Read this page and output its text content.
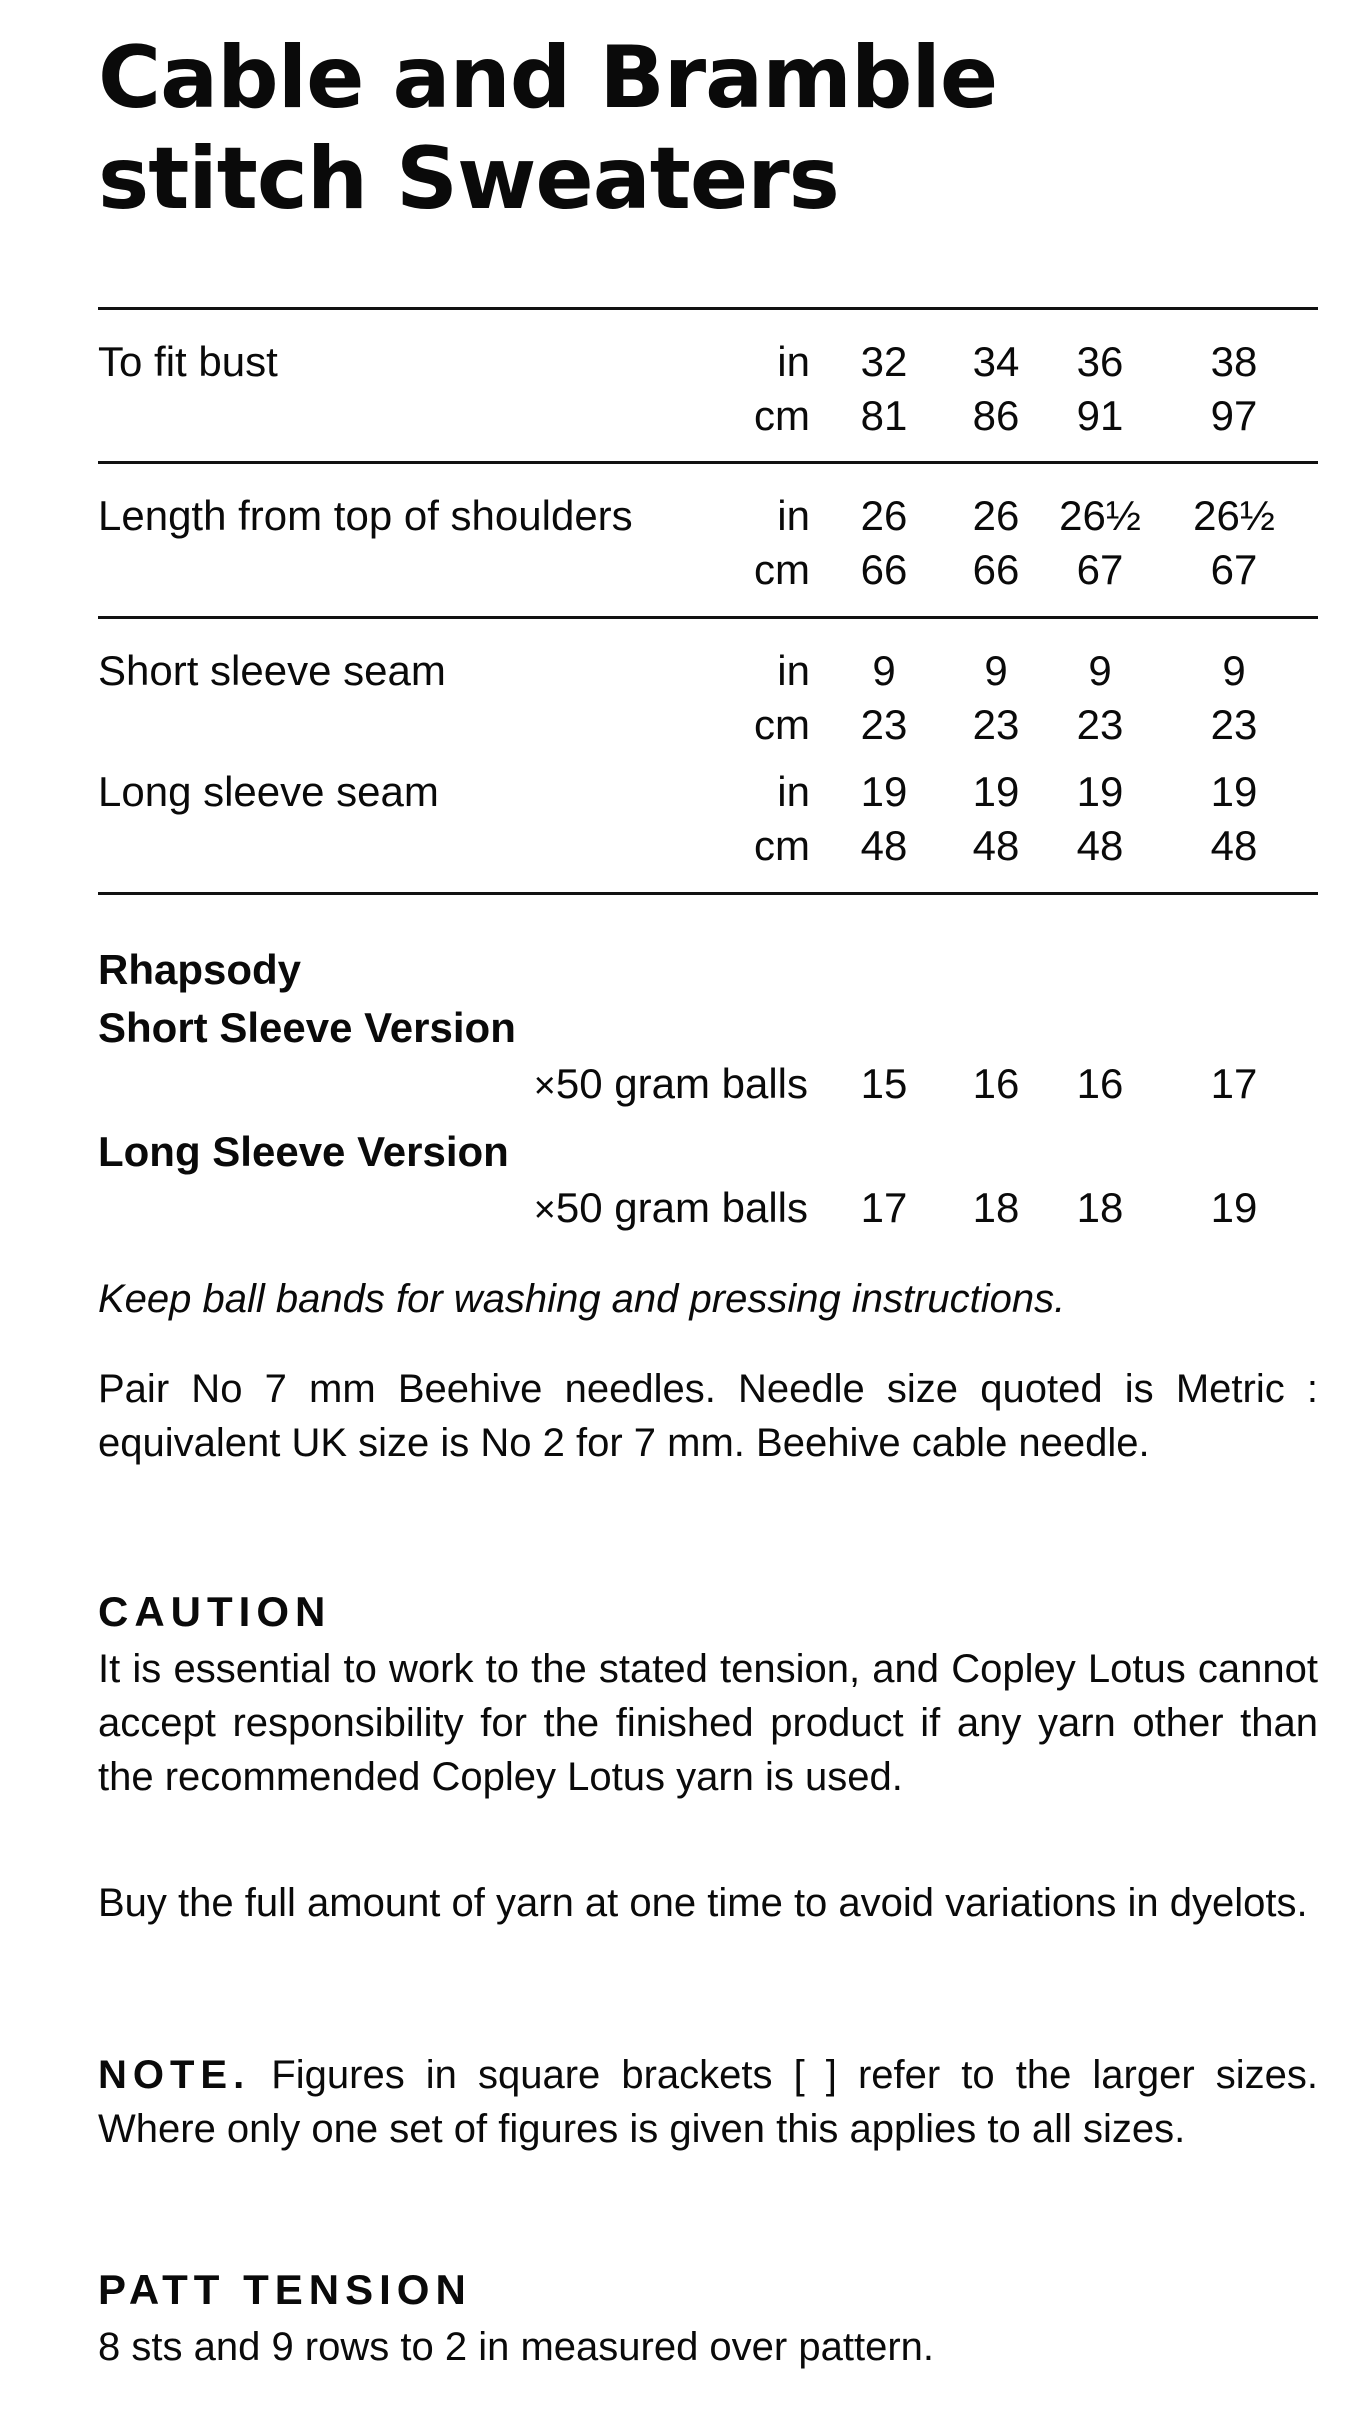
Cable and Bramble
stitch Sweaters
To fit bust	in	32	34	36	38
cm	81	86	91	97
Length from top of shoulders	in	26	26 26½ 26½
cm	66	66	67	67
Short sleeve seam	in	9	9	9	9
cm	23	23	23	23
Long sleeve seam	in	19	19	19	19
cm	48	48	48	48
Rhapsody
Short Sleeve Version
×50 gram balls	15	16	16	17
Long Sleeve Version
×50 gram balls	17	18	18	19

Keep ball bands for washing and pressing instructions.

Pair No 7 mm Beehive needles. Needle size quoted is Metric : equivalent UK size is No 2 for 7 mm. Beehive cable needle.

CAUTION

It is essential to work to the stated tension, and Copley Lotus cannot accept responsibility for the finished product if any yarn other than the recommended Copley Lotus yarn is used.

Buy the full amount of yarn at one time to avoid variations in dyelots.

NOTE. Figures in square brackets [ ] refer to the larger sizes. Where only one set of figures is given this applies to all sizes.

PATT TENSION

8 sts and 9 rows to 2 in measured over pattern.
